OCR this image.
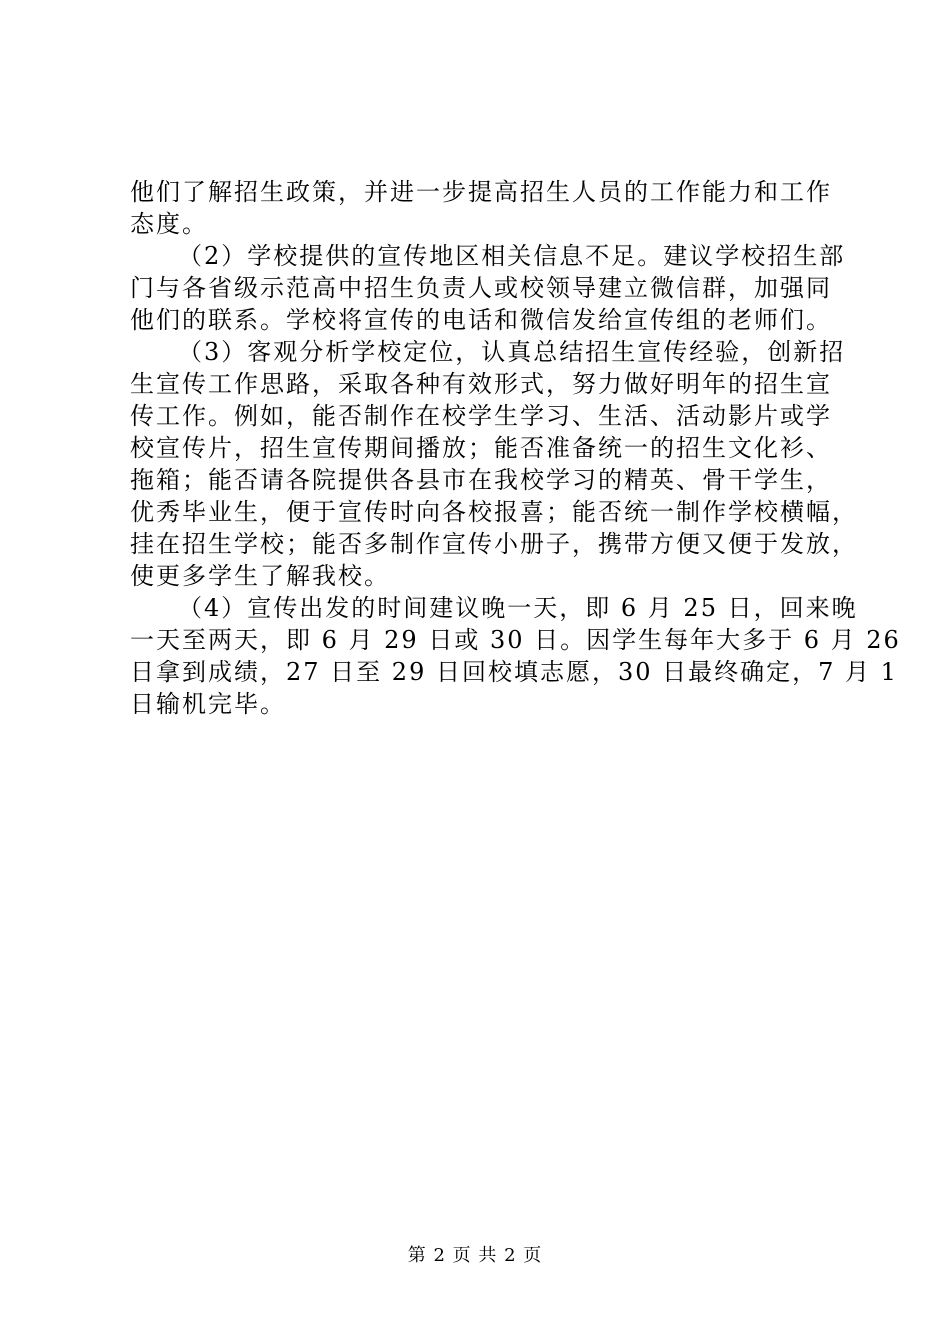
他们了解招生政策，并进一步提高招生人员的工作能力和工作
态度。
（2）学校提供的宣传地区相关信息不足。建议学校招生部
门与各省级示范高中招生负责人或校领导建立微信群，加强同
他们的联系。学校将宣传的电话和微信发给宣传组的老师们。
（3）客观分析学校定位，认真总结招生宣传经验，创新招
生宣传工作思路，采取各种有效形式，努力做好明年的招生宣
传工作。例如，能否制作在校学生学习、生活、活动影片或学
校宣传片，招生宣传期间播放；能否准备统一的招生文化衫、
拖箱；能否请各院提供各县市在我校学习的精英、骨干学生，
优秀毕业生，便于宣传时向各校报喜；能否统一制作学校横幅，
挂在招生学校；能否多制作宣传小册子，携带方便又便于发放，
使更多学生了解我校。
（4）宣传出发的时间建议晚一天，即 6 月 25 日，回来晚
一天至两天，即 6 月 29 日或 30 日。因学生每年大多于 6 月 26
日拿到成绩，27 日至 29 日回校填志愿，30 日最终确定，7 月 1
日输机完毕。
第 2 页 共 2 页
